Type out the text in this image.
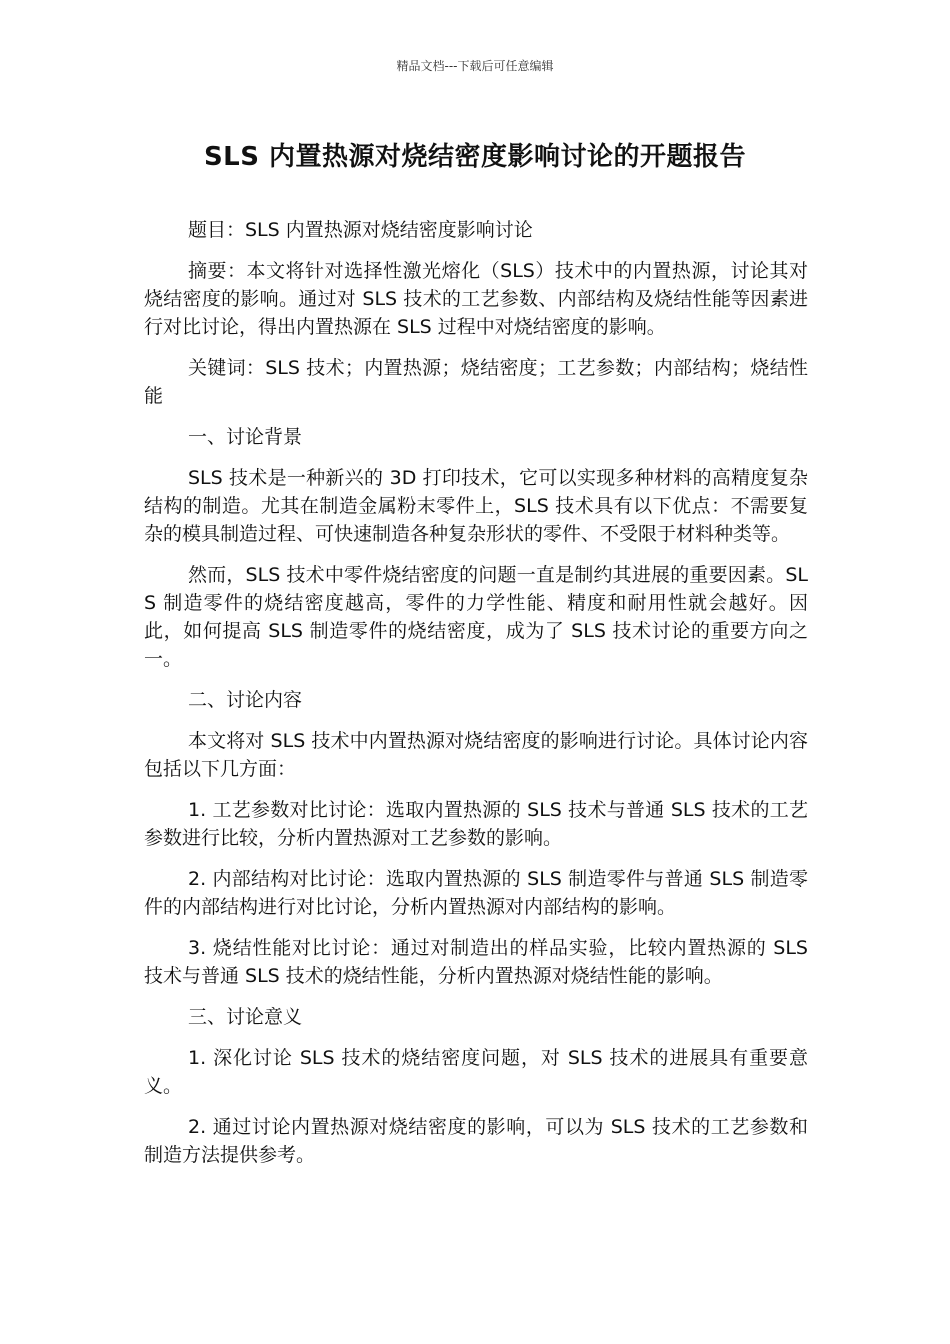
精品文档---下载后可任意编辑
SLS 内置热源对烧结密度影响讨论的开题报告

题目：SLS 内置热源对烧结密度影响讨论

摘要：本文将针对选择性激光熔化（SLS）技术中的内置热源，讨论其对烧结密度的影响。通过对 SLS 技术的工艺参数、内部结构及烧结性能等因素进行对比讨论，得出内置热源在 SLS 过程中对烧结密度的影响。

关键词：SLS 技术；内置热源；烧结密度；工艺参数；内部结构；烧结性能

一、讨论背景

SLS 技术是一种新兴的 3D 打印技术，它可以实现多种材料的高精度复杂结构的制造。尤其在制造金属粉末零件上，SLS 技术具有以下优点：不需要复杂的模具制造过程、可快速制造各种复杂形状的零件、不受限于材料种类等。

然而，SLS 技术中零件烧结密度的问题一直是制约其进展的重要因素。SLS 制造零件的烧结密度越高，零件的力学性能、精度和耐用性就会越好。因此，如何提高 SLS 制造零件的烧结密度，成为了 SLS 技术讨论的重要方向之一。

二、讨论内容

本文将对 SLS 技术中内置热源对烧结密度的影响进行讨论。具体讨论内容包括以下几方面：

1. 工艺参数对比讨论：选取内置热源的 SLS 技术与普通 SLS 技术的工艺参数进行比较，分析内置热源对工艺参数的影响。

2. 内部结构对比讨论：选取内置热源的 SLS 制造零件与普通 SLS 制造零件的内部结构进行对比讨论，分析内置热源对内部结构的影响。

3. 烧结性能对比讨论：通过对制造出的样品实验，比较内置热源的 SLS 技术与普通 SLS 技术的烧结性能，分析内置热源对烧结性能的影响。

三、讨论意义

1. 深化讨论 SLS 技术的烧结密度问题，对 SLS 技术的进展具有重要意义。

2. 通过讨论内置热源对烧结密度的影响，可以为 SLS 技术的工艺参数和制造方法提供参考。
